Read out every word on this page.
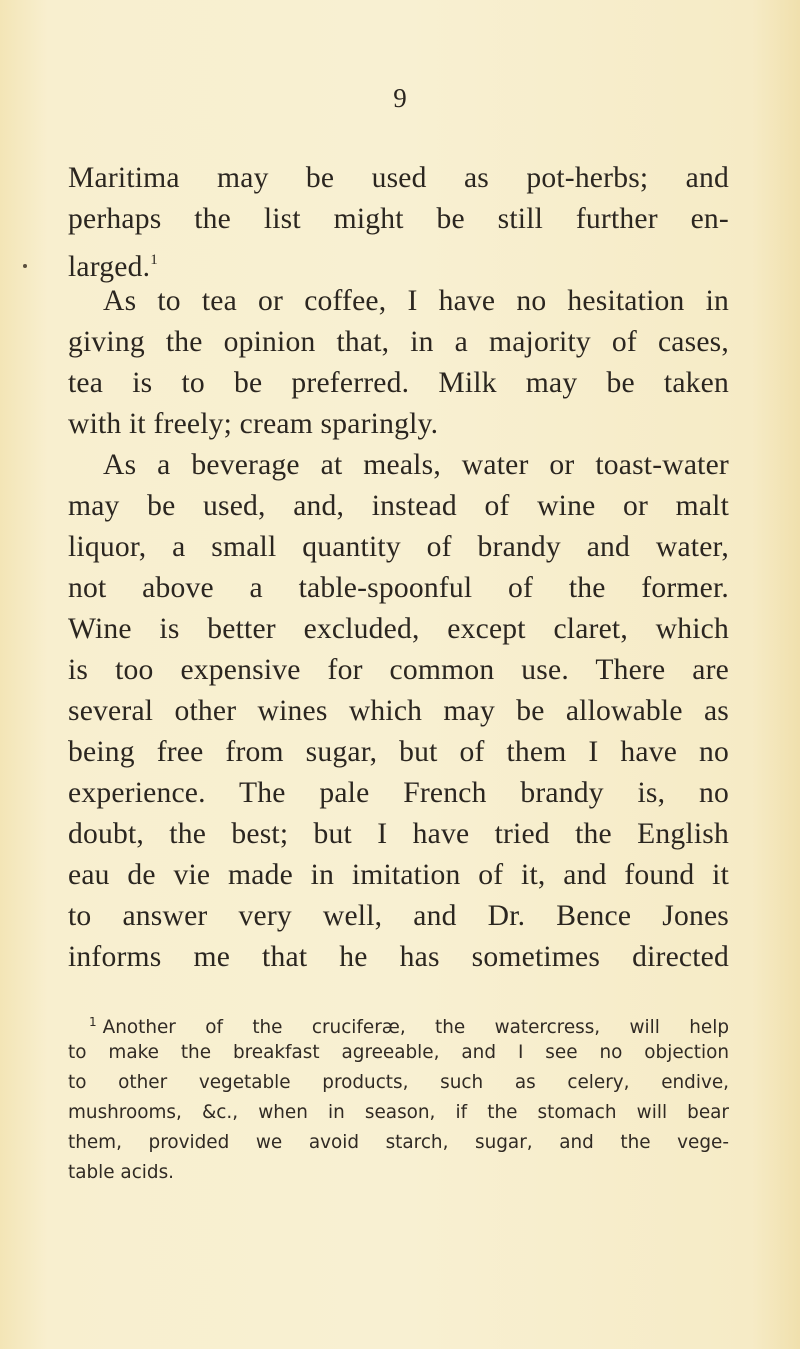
9
Maritima may be used as pot-herbs; and
perhaps the list might be still further en-
larged.$^1$
As to tea or coffee, I have no hesitation in
giving the opinion that, in a majority of cases,
tea is to be preferred. Milk may be taken
with it freely; cream sparingly.
As a beverage at meals, water or toast-water
may be used, and, instead of wine or malt
liquor, a small quantity of brandy and water,
not above a table-spoonful of the former.
Wine is better excluded, except claret, which
is too expensive for common use. There are
several other wines which may be allowable as
being free from sugar, but of them I have no
experience. The pale French brandy is, no
doubt, the best; but I have tried the English
eau de vie made in imitation of it, and found it
to answer very well, and Dr. Bence Jones
informs me that he has sometimes directed
$^1$ Another of the cruciferæ, the watercress, will help
to make the breakfast agreeable, and I see no objection
to other vegetable products, such as celery, endive,
mushrooms, &c., when in season, if the stomach will bear
them, provided we avoid starch, sugar, and the vege-
table acids.
